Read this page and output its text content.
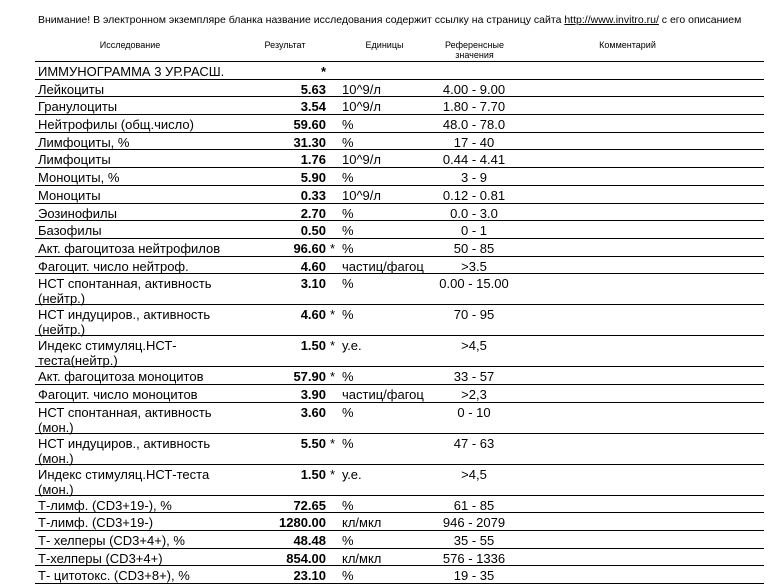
Внимание! В электронном экземпляре бланка название исследования содержит ссылку на страницу сайта http://www.invitro.ru/ с его описанием
Исследование	Результат	Единицы	Референсные
значения
Комментарий
ИММУНОГРАММА 3 УР.РАСШ.	*
Лейкоциты	5.63 10^9/л	4.00 - 9.00
Гранулоциты	3.54 10^9/л	1.80 - 7.70
Нейтрофилы (общ.число)	59.60 %	48.0 - 78.0
Лимфоциты, %	31.30 %	17 - 40
Лимфоциты	1.76 10^9/л	0.44 - 4.41
Моноциты, %	5.90 %	3 - 9
Моноциты	0.33 10^9/л	0.12 - 0.81
Эозинофилы	2.70 %	0.0 - 3.0
Базофилы	0.50 %	0 - 1
Акт. фагоцитоза нейтрофилов	96.60 * %	50 - 85
Фагоцит. число нейтроф.	4.60 частиц/фагоц	>3.5
НСТ спонтанная, активность (нейтр.)
3.10 %	0.00 - 15.00
НСТ индуциров., активность (нейтр.)
4.60 * %	70 - 95
Индекс стимуляц.НСТ-теста(нейтр.)
1.50 * у.е.	>4,5
Акт. фагоцитоза моноцитов	57.90 * %	33 - 57
Фагоцит. число моноцитов	3.90 частиц/фагоц	>2,3
НСТ спонтанная, активность (мон.)
3.60 %	0 - 10
НСТ индуциров., активность (мон.)
5.50 * %	47 - 63
Индекс стимуляц.НСТ-теста (мон.)
1.50 * у.е.	>4,5
Т-лимф. (CD3+19-), %	72.65 %	61 - 85
Т-лимф. (CD3+19-)	1280.00 кл/мкл	946 - 2079
Т- хелперы (CD3+4+), %	48.48 %	35 - 55
Т-хелперы (CD3+4+)	854.00 кл/мкл	576 - 1336
Т- цитотокс. (CD3+8+), %	23.10 %	19 - 35
